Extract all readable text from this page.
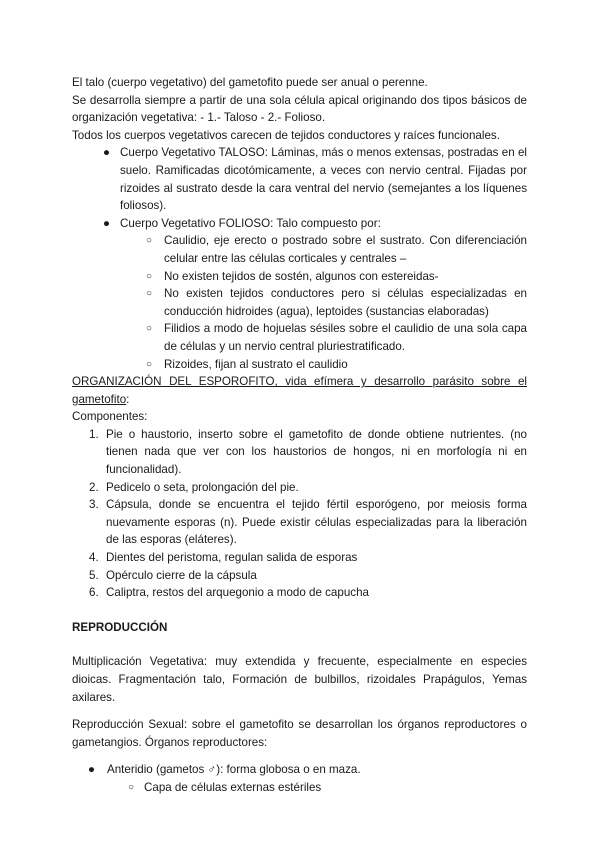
El talo (cuerpo vegetativo) del gametofito puede ser anual o perenne.

Se desarrolla siempre a partir de una sola célula apical originando dos tipos básicos de organización vegetativa: - 1.- Taloso - 2.- Folioso.

Todos los cuerpos vegetativos carecen de tejidos conductores y raíces funcionales.

● Cuerpo Vegetativo TALOSO: Láminas, más o menos extensas, postradas en el suelo. Ramificadas dicotómicamente, a veces con nervio central. Fijadas por rizoides al sustrato desde la cara ventral del nervio (semejantes a los líquenes foliosos).

● Cuerpo Vegetativo FOLIOSO: Talo compuesto por:

○ Caulidio, eje erecto o postrado sobre el sustrato. Con diferenciación celular entre las células corticales y centrales –

○ No existen tejidos de sostén, algunos con estereidas-

○ No existen tejidos conductores pero si células especializadas en conducción hidroides (agua), leptoides (sustancias elaboradas)

○ Filidios a modo de hojuelas sésiles sobre el caulidio de una sola capa de células y un nervio central pluriestratificado.

○ Rizoides, fijan al sustrato el caulidio

ORGANIZACIÓN DEL ESPOROFITO, vida efímera y desarrollo parásito sobre el gametofito:

Componentes:

1. Pie o haustorio, inserto sobre el gametofito de donde obtiene nutrientes. (no tienen nada que ver con los haustorios de hongos, ni en morfología ni en funcionalidad).

2. Pedicelo o seta, prolongación del pie.

3. Cápsula, donde se encuentra el tejido fértil esporógeno, por meiosis forma nuevamente esporas (n). Puede existir células especializadas para la liberación de las esporas (eláteres).

4. Dientes del peristoma, regulan salida de esporas

5. Opérculo cierre de la cápsula

6. Caliptra, restos del arquegonio a modo de capucha

REPRODUCCIÓN

Multiplicación Vegetativa: muy extendida y frecuente, especialmente en especies dioicas. Fragmentación talo, Formación de bulbillos, rizoidales Prapágulos, Yemas axilares.

Reproducción Sexual: sobre el gametofito se desarrollan los órganos reproductores o gametangios. Órganos reproductores:

● Anteridio (gametos ♂): forma globosa o en maza.

○ Capa de células externas estériles
